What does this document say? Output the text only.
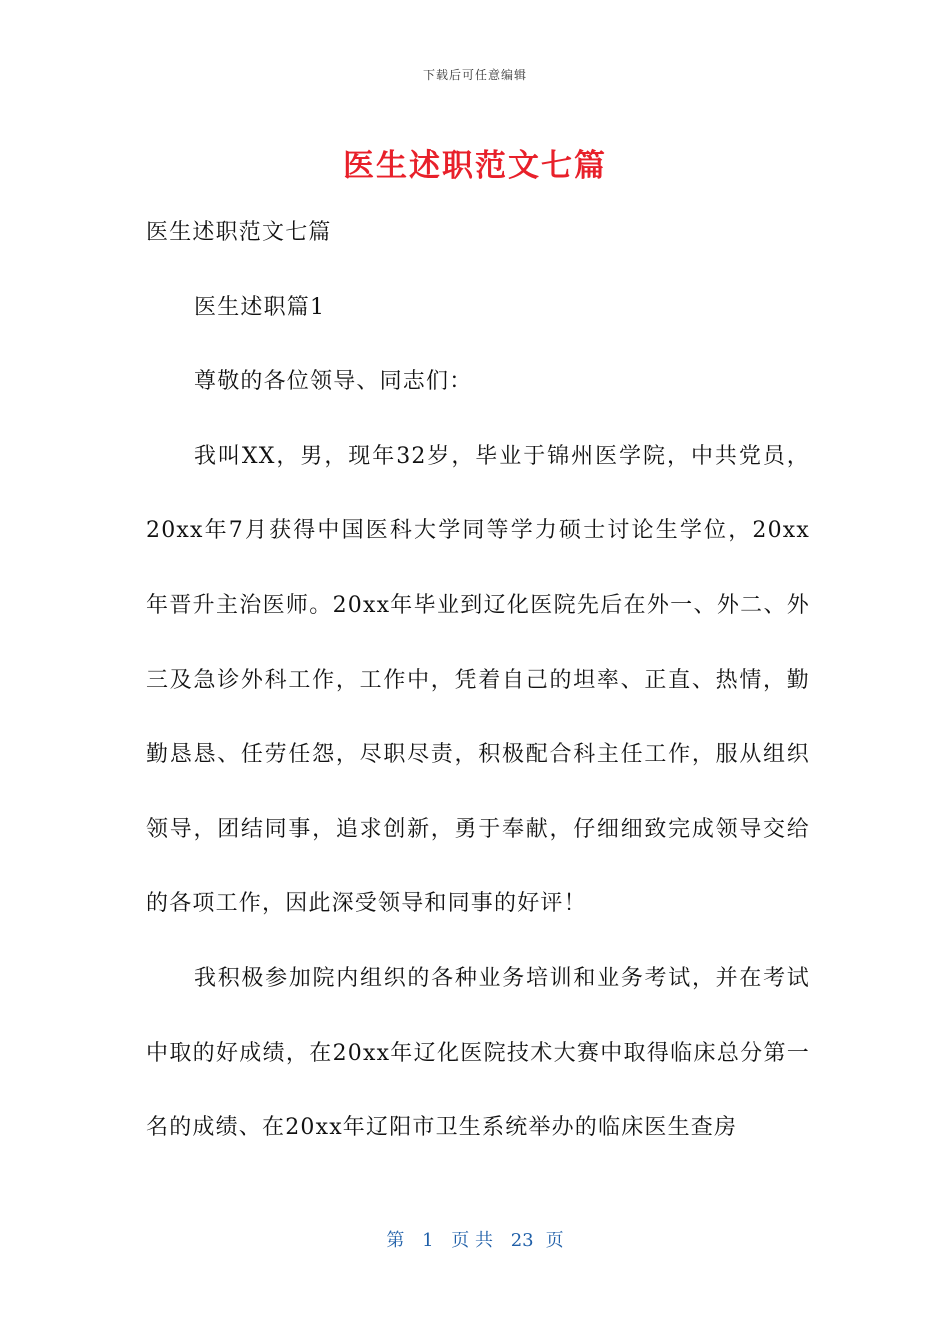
下载后可任意编辑
医生述职范文七篇

医生述职范文七篇

医生述职篇1

尊敬的各位领导、同志们：

我叫XX，男，现年32岁，毕业于锦州医学院，中共党员，20xx年7月获得中国医科大学同等学力硕士讨论生学位，20xx年晋升主治医师。20xx年毕业到辽化医院先后在外一、外二、外三及急诊外科工作，工作中，凭着自己的坦率、正直、热情，勤勤恳恳、任劳任怨，尽职尽责，积极配合科主任工作，服从组织领导，团结同事，追求创新，勇于奉献，仔细细致完成领导交给的各项工作，因此深受领导和同事的好评！

我积极参加院内组织的各种业务培训和业务考试，并在考试中取的好成绩，在20xx年辽化医院技术大赛中取得临床总分第一名的成绩、在20xx年辽阳市卫生系统举办的临床医生查房

第 1 页 共 23 页
